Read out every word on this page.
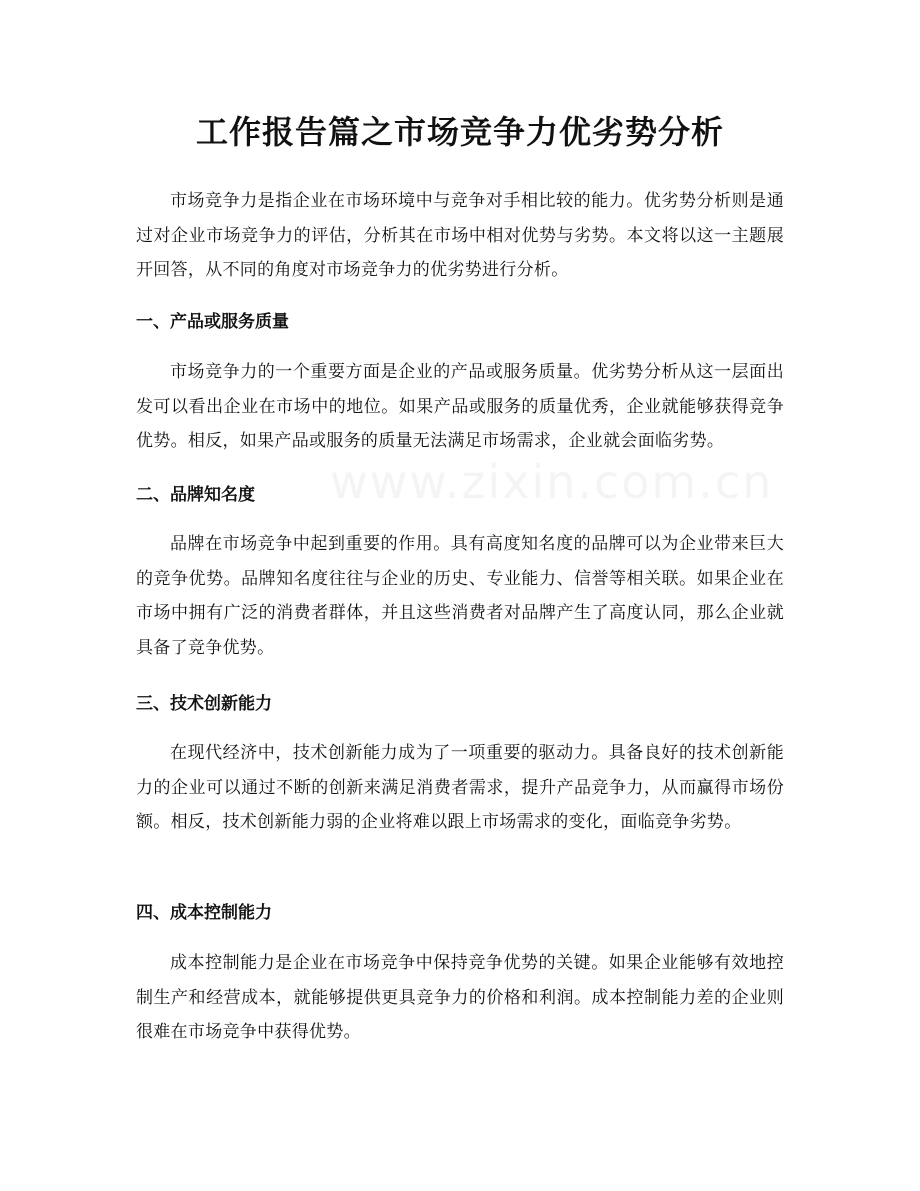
工作报告篇之市场竞争力优劣势分析

市场竞争力是指企业在市场环境中与竞争对手相比较的能力。优劣势分析则是通过对企业市场竞争力的评估，分析其在市场中相对优势与劣势。本文将以这一主题展开回答，从不同的角度对市场竞争力的优劣势进行分析。

一、产品或服务质量

市场竞争力的一个重要方面是企业的产品或服务质量。优劣势分析从这一层面出发可以看出企业在市场中的地位。如果产品或服务的质量优秀，企业就能够获得竞争优势。相反，如果产品或服务的质量无法满足市场需求，企业就会面临劣势。

二、品牌知名度

品牌在市场竞争中起到重要的作用。具有高度知名度的品牌可以为企业带来巨大的竞争优势。品牌知名度往往与企业的历史、专业能力、信誉等相关联。如果企业在市场中拥有广泛的消费者群体，并且这些消费者对品牌产生了高度认同，那么企业就具备了竞争优势。

三、技术创新能力

在现代经济中，技术创新能力成为了一项重要的驱动力。具备良好的技术创新能力的企业可以通过不断的创新来满足消费者需求，提升产品竞争力，从而赢得市场份额。相反，技术创新能力弱的企业将难以跟上市场需求的变化，面临竞争劣势。

四、成本控制能力

成本控制能力是企业在市场竞争中保持竞争优势的关键。如果企业能够有效地控制生产和经营成本，就能够提供更具竞争力的价格和利润。成本控制能力差的企业则很难在市场竞争中获得优势。
